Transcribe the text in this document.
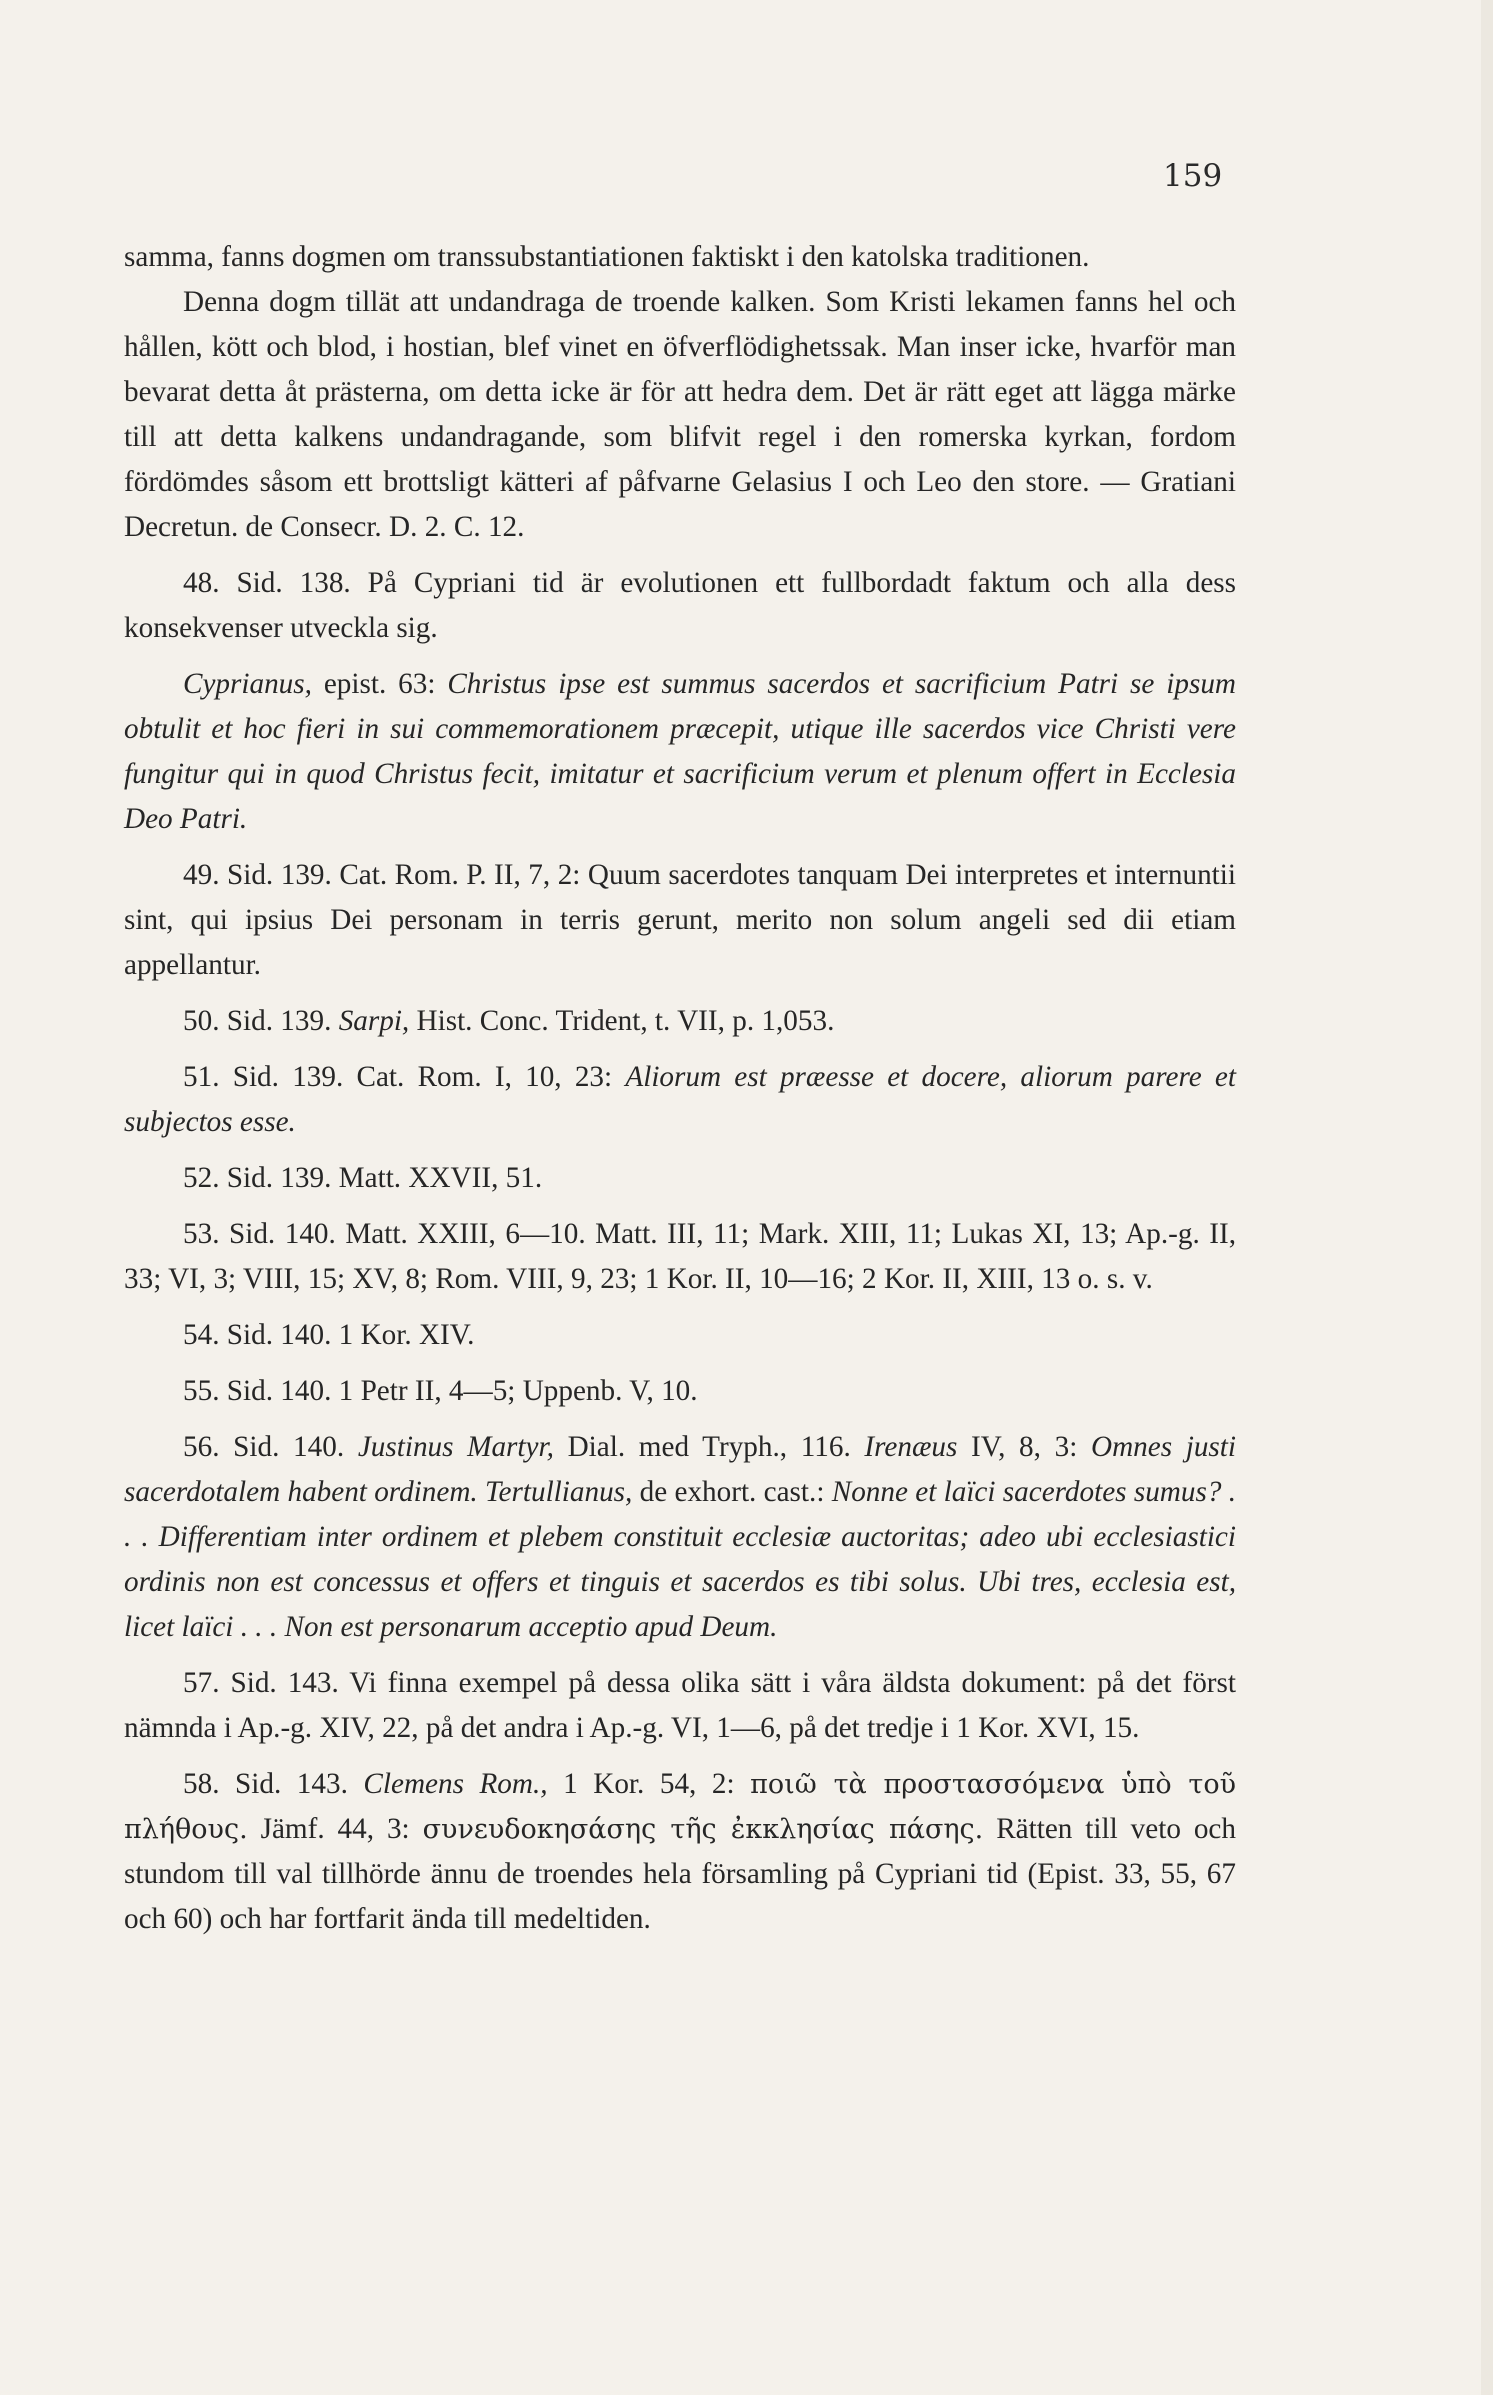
159

samma, fanns dogmen om transsubstantiationen faktiskt i den katolska traditionen.

Denna dogm tillät att undandraga de troende kalken. Som Kristi lekamen fanns hel och hållen, kött och blod, i hostian, blef vinet en öfverflödighetssak. Man inser icke, hvarför man bevarat detta åt prästerna, om detta icke är för att hedra dem. Det är rätt eget att lägga märke till att detta kalkens undandragande, som blifvit regel i den romerska kyrkan, fordom fördömdes såsom ett brottsligt kätteri af påfvarne Gelasius I och Leo den store. — Gratiani Decretun. de Consecr. D. 2. C. 12.

48. Sid. 138. På Cypriani tid är evolutionen ett fullbordadt faktum och alla dess konsekvenser utveckla sig.

Cyprianus, epist. 63: Christus ipse est summus sacerdos et sacrificium Patri se ipsum obtulit et hoc fieri in sui commemorationem præcepit, utique ille sacerdos vice Christi vere fungitur qui in quod Christus fecit, imitatur et sacrificium verum et plenum offert in Ecclesia Deo Patri.

49. Sid. 139. Cat. Rom. P. II, 7, 2: Quum sacerdotes tanquam Dei interpretes et internuntii sint, qui ipsius Dei personam in terris gerunt, merito non solum angeli sed dii etiam appellantur.

50. Sid. 139. Sarpi, Hist. Conc. Trident, t. VII, p. 1,053.

51. Sid. 139. Cat. Rom. I, 10, 23: Aliorum est præesse et docere, aliorum parere et subjectos esse.

52. Sid. 139. Matt. XXVII, 51.

53. Sid. 140. Matt. XXIII, 6—10. Matt. III, 11; Mark. XIII, 11; Lukas XI, 13; Ap.-g. II, 33; VI, 3; VIII, 15; XV, 8; Rom. VIII, 9, 23; 1 Kor. II, 10—16; 2 Kor. II, XIII, 13 o. s. v.

54. Sid. 140. 1 Kor. XIV.

55. Sid. 140. 1 Petr II, 4—5; Uppenb. V, 10.

56. Sid. 140. Justinus Martyr, Dial. med Tryph., 116. Irenæus IV, 8, 3: Omnes justi sacerdotalem habent ordinem. Tertullianus, de exhort. cast.: Nonne et laïci sacerdotes sumus? . . . Differentiam inter ordinem et plebem constituit ecclesiæ auctoritas; adeo ubi ecclesiastici ordinis non est concessus et offers et tinguis et sacerdos es tibi solus. Ubi tres, ecclesia est, licet laïci . . . Non est personarum acceptio apud Deum.

57. Sid. 143. Vi finna exempel på dessa olika sätt i våra äldsta dokument: på det först nämnda i Ap.-g. XIV, 22, på det andra i Ap.-g. VI, 1—6, på det tredje i 1 Kor. XVI, 15.

58. Sid. 143. Clemens Rom., 1 Kor. 54, 2: ποιῶ τὰ προστασσόμενα ὑπὸ τοῦ πλήθους. Jämf. 44, 3: συνευδοκησάσης τῆς ἐκκλησίας πάσης. Rätten till veto och stundom till val tillhörde ännu de troendes hela församling på Cypriani tid (Epist. 33, 55, 67 och 60) och har fortfarit ända till medeltiden.
